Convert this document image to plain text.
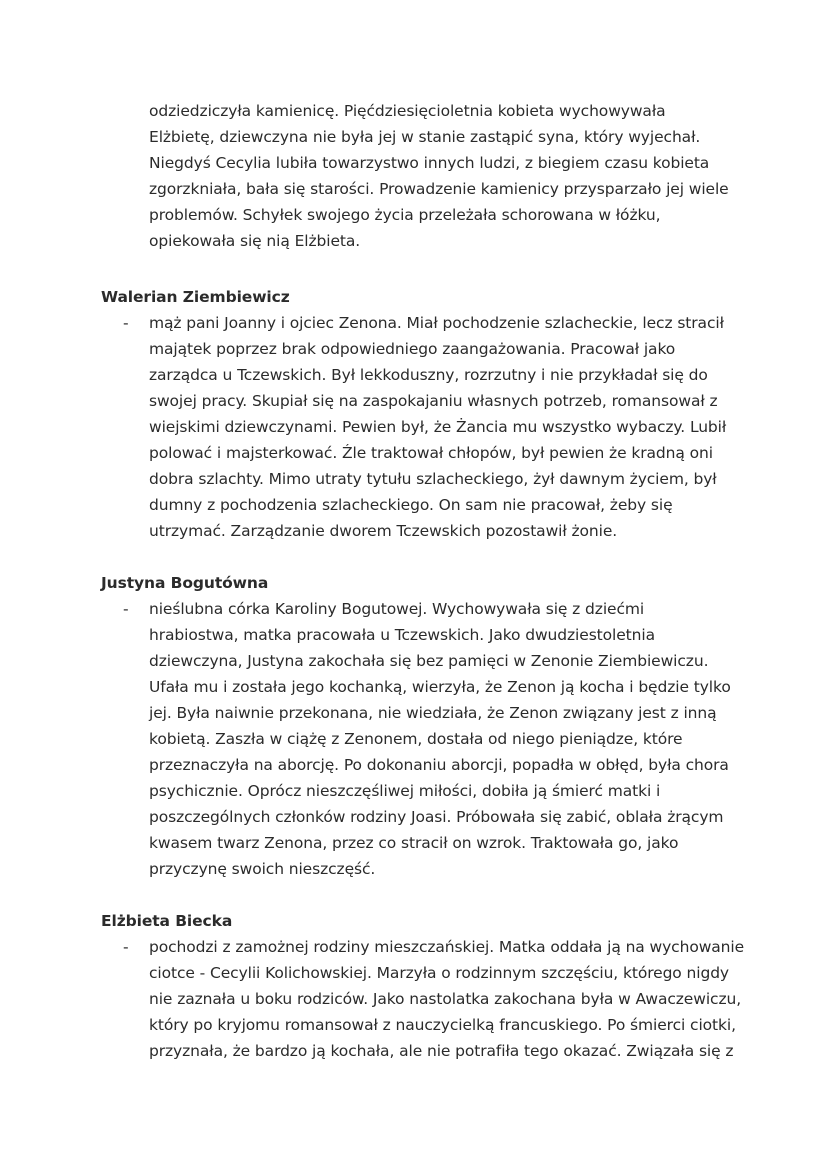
odziedziczyła kamienicę. Pięćdziesięcioletnia kobieta wychowywała
Elżbietę, dziewczyna nie była jej w stanie zastąpić syna, który wyjechał.
Niegdyś Cecylia lubiła towarzystwo innych ludzi, z biegiem czasu kobieta
zgorzkniała, bała się starości. Prowadzenie kamienicy przysparzało jej wiele
problemów. Schyłek swojego życia przeleżała schorowana w łóżku,
opiekowała się nią Elżbieta.
Walerian Ziembiewicz
- mąż pani Joanny i ojciec Zenona. Miał pochodzenie szlacheckie, lecz stracił
majątek poprzez brak odpowiedniego zaangażowania. Pracował jako
zarządca u Tczewskich. Był lekkoduszny, rozrzutny i nie przykładał się do
swojej pracy. Skupiał się na zaspokajaniu własnych potrzeb, romansował z
wiejskimi dziewczynami. Pewien był, że Żancia mu wszystko wybaczy. Lubił
polować i majsterkować. Źle traktował chłopów, był pewien że kradną oni
dobra szlachty. Mimo utraty tytułu szlacheckiego, żył dawnym życiem, był
dumny z pochodzenia szlacheckiego. On sam nie pracował, żeby się
utrzymać. Zarządzanie dworem Tczewskich pozostawił żonie.
Justyna Bogutówna
- nieślubna córka Karoliny Bogutowej. Wychowywała się z dziećmi
hrabiostwa, matka pracowała u Tczewskich. Jako dwudziestoletnia
dziewczyna, Justyna zakochała się bez pamięci w Zenonie Ziembiewiczu.
Ufała mu i została jego kochanką, wierzyła, że Zenon ją kocha i będzie tylko
jej. Była naiwnie przekonana, nie wiedziała, że Zenon związany jest z inną
kobietą. Zaszła w ciążę z Zenonem, dostała od niego pieniądze, które
przeznaczyła na aborcję. Po dokonaniu aborcji, popadła w obłęd, była chora
psychicznie. Oprócz nieszczęśliwej miłości, dobiła ją śmierć matki i
poszczególnych członków rodziny Joasi. Próbowała się zabić, oblała żrącym
kwasem twarz Zenona, przez co stracił on wzrok. Traktowała go, jako
przyczynę swoich nieszczęść.
Elżbieta Biecka
- pochodzi z zamożnej rodziny mieszczańskiej. Matka oddała ją na wychowanie
ciotce - Cecylii Kolichowskiej. Marzyła o rodzinnym szczęściu, którego nigdy
nie zaznała u boku rodziców. Jako nastolatka zakochana była w Awaczewiczu,
który po kryjomu romansował z nauczycielką francuskiego. Po śmierci ciotki,
przyznała, że bardzo ją kochała, ale nie potrafiła tego okazać. Związała się z
